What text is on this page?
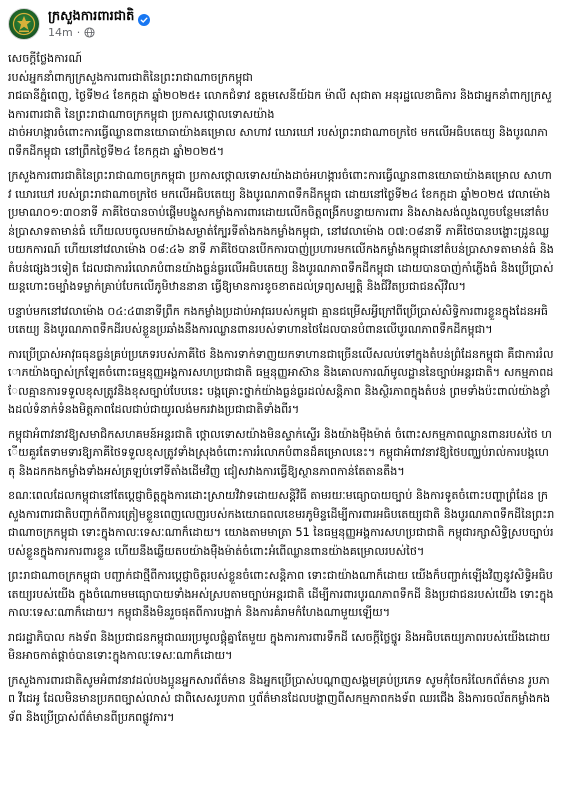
ក្រសួងការពារជាតិ
14m ·

សេចក្តីថ្លែងការណ៍

របស់អ្នកនាំពាក្យក្រសួងការពារជាតិនៃព្រះរាជាណាចក្រកម្ពុជា
រាជធានីភ្នំពេញ, ថ្ងៃទី២៤ ខែកក្កដា ឆ្នាំ២០២៥៖ លោកជំទាវ ឧត្តមសេនីយ៍ឯក ម៉ាលី សុជាតា អនុរដ្ឋលេខាធិការ និងជាអ្នកនាំពាក្យក្រសួងការពារជាតិ នៃព្រះរាជាណាចក្រកម្ពុជា ប្រកាសថ្កោលទោសយ៉ាង
ដាច់អហង្ការចំពោះការធ្វើឈ្លានពានយោធាយ៉ាងគម្រោល សាហាវ ឃោរឃៅ របស់ព្រះរាជាណាចក្រថៃ មកលើអធិបតេយ្យ និងបូរណភាពទឹកដីកម្ពុជា នៅព្រឹកថ្ងៃទី២៤ ខែកក្កដា ឆ្នាំ២០២៥។

ក្រសួងការពារជាតិនៃព្រះរាជាណាចក្រកម្ពុជា ប្រកាសថ្កោលទោសយ៉ាងដាច់អហង្ការចំពោះការធ្វើឈ្លានពានយោធាយ៉ាងគម្រោល សាហាវ ឃោរឃៅ របស់ព្រះរាជាណាចក្រថៃ មកលើអធិបតេយ្យ និងបូរណភាពទឹកដីកម្ពុជា ដោយនៅថ្ងៃទី២៤ ខែកក្កដា ឆ្នាំ២០២៥ វេលាម៉ោងប្រមាណ០១:៣០នាទី ភាគីថៃបានចាប់ផ្តើមបង្ហួសកម្លាំងការពារដោយលើកចិត្តពង្រីកបន្ទាយការពារ និងសាងសង់លួងលួចបន្ថែមនៅតំបន់ប្រាសាទតាមាន់ធំ ហើយលបចូលមកយ៉ាងសម្ងាត់ក្បែរទីតាំងកងកម្លាំងកម្ពុជា, នៅវេលាម៉ោង ០៧:០៨នាទី ភាគីថៃបានបង្ហោះដ្រូនឈ្លបយកការណ៍ ហើយនៅវេលាម៉ោង ០៨:៤៦ នាទី ភាគីថៃបានបើកការបាញ់ប្រហារមកលើកងកម្លាំងកម្ពុជានៅតំបន់ប្រាសាទតាមាន់ធំ និងតំបន់ផ្សេងៗទៀត ដែលជាការរំលោភបំពានយ៉ាងធ្ងន់ធ្ងរលើអធិបតេយ្យ និងបូរណភាពទឹកដីកម្ពុជា ដោយបានបាញ់កាំភ្លើងធំ និងប្រើប្រាស់យន្តហោះចម្បាំងទម្លាក់គ្រាប់បែកលើភូមិឋាននានា ធ្វើឱ្យមានការខូចខាតដល់ទ្រព្យសម្បត្តិ និងជីវិតប្រជាជនស៊ីវិល។

បន្ទាប់មកនៅវេលាម៉ោង ០៤:៤៣នាទីព្រឹក កងកម្លាំងប្រដាប់អាវុធរបស់កម្ពុជា គ្មានជម្រើសអ្វីក្រៅពីប្រើប្រាស់សិទ្ធិការពារខ្លួនក្នុងដែនអធិបតេយ្យ និងបូរណភាពទឹកដីរបស់ខ្លួនប្រឆាំងនឹងការឈ្លានពានរបស់ទាហានថៃដែលបានបំពានលើបូរណភាពទឹកដីកម្ពុជា។

ការប្រើប្រាស់អាវុធធុនធ្ងន់គ្រប់ប្រភេទរបស់ភាគីថៃ និងការទាក់ទាញយកទាហានជាច្រើនលើសលប់ទៅក្នុងតំបន់ព្រំដែនកម្ពុជា គឺជាការរំលោភយ៉ាងច្បាស់ក្រឡែតចំពោះធម្មនុញ្ញអង្គការសហប្រជាជាតិ ធម្មនុញ្ញអាស៊ាន និងគោលការណ៍មូលដ្ឋាននៃច្បាប់អន្តរជាតិ។ សកម្មភាពដែលគ្មានការទទួលខុសត្រូវនិងខុសច្បាប់បែបនេះ បង្កគ្រោះថ្នាក់យ៉ាងធ្ងន់ធ្ងរដល់សន្តិភាព និងស្ថិរភាពក្នុងតំបន់ ព្រមទាំងប៉ះពាល់យ៉ាងខ្លាំងដល់ទំនាក់ទំនងមិត្តភាពដែលជាប់ជាយូរលង់មករវាងប្រជាជាតិទាំងពីរ។

កម្ពុជាអំពាវនាវឱ្យសមាជិកសហគមន៍អន្តរជាតិ ថ្កោលទោសយ៉ាងមិនស្ទាក់ស្ទើរ និងយ៉ាងម៉ឺងម៉ាត់ ចំពោះសកម្មភាពឈ្លានពានរបស់ថៃ ហើយគួរតែទាមទារឱ្យភាគីថៃទទួលខុសត្រូវទាំងស្រុងចំពោះការរំលោភបំពានដ៏គម្រោលនេះ។ កម្ពុជាអំពាវនាវឱ្យថៃបញ្ឈប់រាល់ការបង្កហេតុ និងដកកងកម្លាំងទាំងអស់ត្រឡប់ទៅទីតាំងដើមវិញ ជៀសវាងការធ្វើឱ្យស្ថានភាពកាន់តែតានតឹង។

ខណៈពេលដែលកម្ពុជានៅតែប្តេជ្ញាចិត្តក្នុងការដោះស្រាយវិវាទដោយសន្តិវិធី តាមរយៈមធ្យោបាយច្បាប់ និងការទូតចំពោះបញ្ហាព្រំដែន ក្រសួងការពារជាតិបញ្ជាក់ពីការត្រៀមខ្លួនពេញលេញរបស់កងយោធពលខេមរភូមិន្ទដើម្បីការពារអធិបតេយ្យជាតិ និងបូរណភាពទឹកដីនៃព្រះរាជាណាចក្រកម្ពុជា ទោះក្នុងកាលៈទេសៈណាក៏ដោយ។ យោងតាមមាត្រា 51 នៃធម្មនុញ្ញអង្គការសហប្រជាជាតិ កម្ពុជារក្សាសិទ្ធិស្របច្បាប់របស់ខ្លួនក្នុងការការពារខ្លួន ហើយនឹងឆ្លើយតបយ៉ាងម៉ឺងម៉ាត់ចំពោះអំពើឈ្លានពានយ៉ាងគម្រោលរបស់ថៃ។

ព្រះរាជាណាចក្រកម្ពុជា បញ្ជាក់ជាថ្មីពីការប្តេជ្ញាចិត្តរបស់ខ្លួនចំពោះសន្តិភាព ទោះជាយ៉ាងណាក៏ដោយ យើងក៏បញ្ជាក់ឡើងវិញនូវសិទ្ធិអធិបតេយ្យរបស់យើង ក្នុងចំណោមមធ្យោបាយទាំងអស់ស្របតាមច្បាប់អន្តរជាតិ ដើម្បីការពារបូរណភាពទឹកដី និងប្រជាជនរបស់យើង ទោះក្នុងកាលៈទេសៈណាក៏ដោយ។ កម្ពុជានឹងមិនរួចផុតពីការបង្អាក់ និងការគំរាមកំហែងណាមួយឡើយ។

រាជរដ្ឋាភិបាល កងទ័ព និងប្រជាជនកម្ពុជាឈរប្រមូលផ្តុំគ្នាតែមួយ ក្នុងការការពារទឹកដី សេចក្តីថ្លៃថ្នូរ និងអធិបតេយ្យភាពរបស់យើងដោយមិនអាចកាត់ផ្តាច់បានទោះក្នុងកាលៈទេសៈណាក៏ដោយ។

ក្រសួងការពារជាតិសូមអំពាវនាវដល់បងប្អូនអ្នកសារព័ត៌មាន និងអ្នកប្រើប្រាស់បណ្តាញសង្គមគ្រប់ប្រភេទ សូមកុំចែករំលែកព័ត៌មាន រូបភាព វីដេអូ ដែលមិនមានប្រភពច្បាស់លាស់ ជាពិសេសរូបភាព ឬព័ត៌មានដែលបង្ហាញពីសកម្មភាពកងទ័ព ឈរជើង និងការចល័តកម្លាំងកងទ័ព និងប្រើប្រាស់ព័ត៌មានពីប្រភពផ្លូវការ។
